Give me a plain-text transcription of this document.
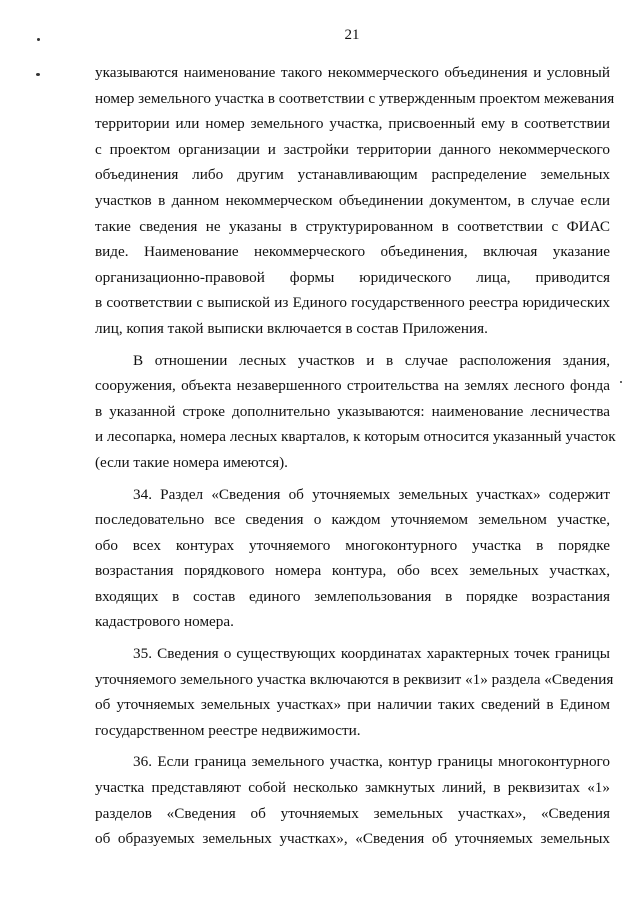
21

указываются наименование такого некоммерческого объединения и условный
номер земельного участка в соответствии с утвержденным проектом межевания
территории или номер земельного участка, присвоенный ему в соответствии
с проектом организации и застройки территории данного некоммерческого
объединения либо другим устанавливающим распределение земельных
участков в данном некоммерческом объединении документом, в случае если
такие сведения не указаны в структурированном в соответствии с ФИАС
виде. Наименование некоммерческого объединения, включая указание
организационно-правовой формы юридического лица, приводится
в соответствии с выпиской из Единого государственного реестра юридических
лиц, копия такой выписки включается в состав Приложения.

В отношении лесных участков и в случае расположения здания,
сооружения, объекта незавершенного строительства на землях лесного фонда
в указанной строке дополнительно указываются: наименование лесничества
и лесопарка, номера лесных кварталов, к которым относится указанный участок
(если такие номера имеются).

34. Раздел «Сведения об уточняемых земельных участках» содержит
последовательно все сведения о каждом уточняемом земельном участке,
обо всех контурах уточняемого многоконтурного участка в порядке
возрастания порядкового номера контура, обо всех земельных участках,
входящих в состав единого землепользования в порядке возрастания
кадастрового номера.

35. Сведения о существующих координатах характерных точек границы
уточняемого земельного участка включаются в реквизит «1» раздела «Сведения
об уточняемых земельных участках» при наличии таких сведений в Едином
государственном реестре недвижимости.

36. Если граница земельного участка, контур границы многоконтурного
участка представляют собой несколько замкнутых линий, в реквизитах «1»
разделов «Сведения об уточняемых земельных участках», «Сведения
об образуемых земельных участках», «Сведения об уточняемых земельных
